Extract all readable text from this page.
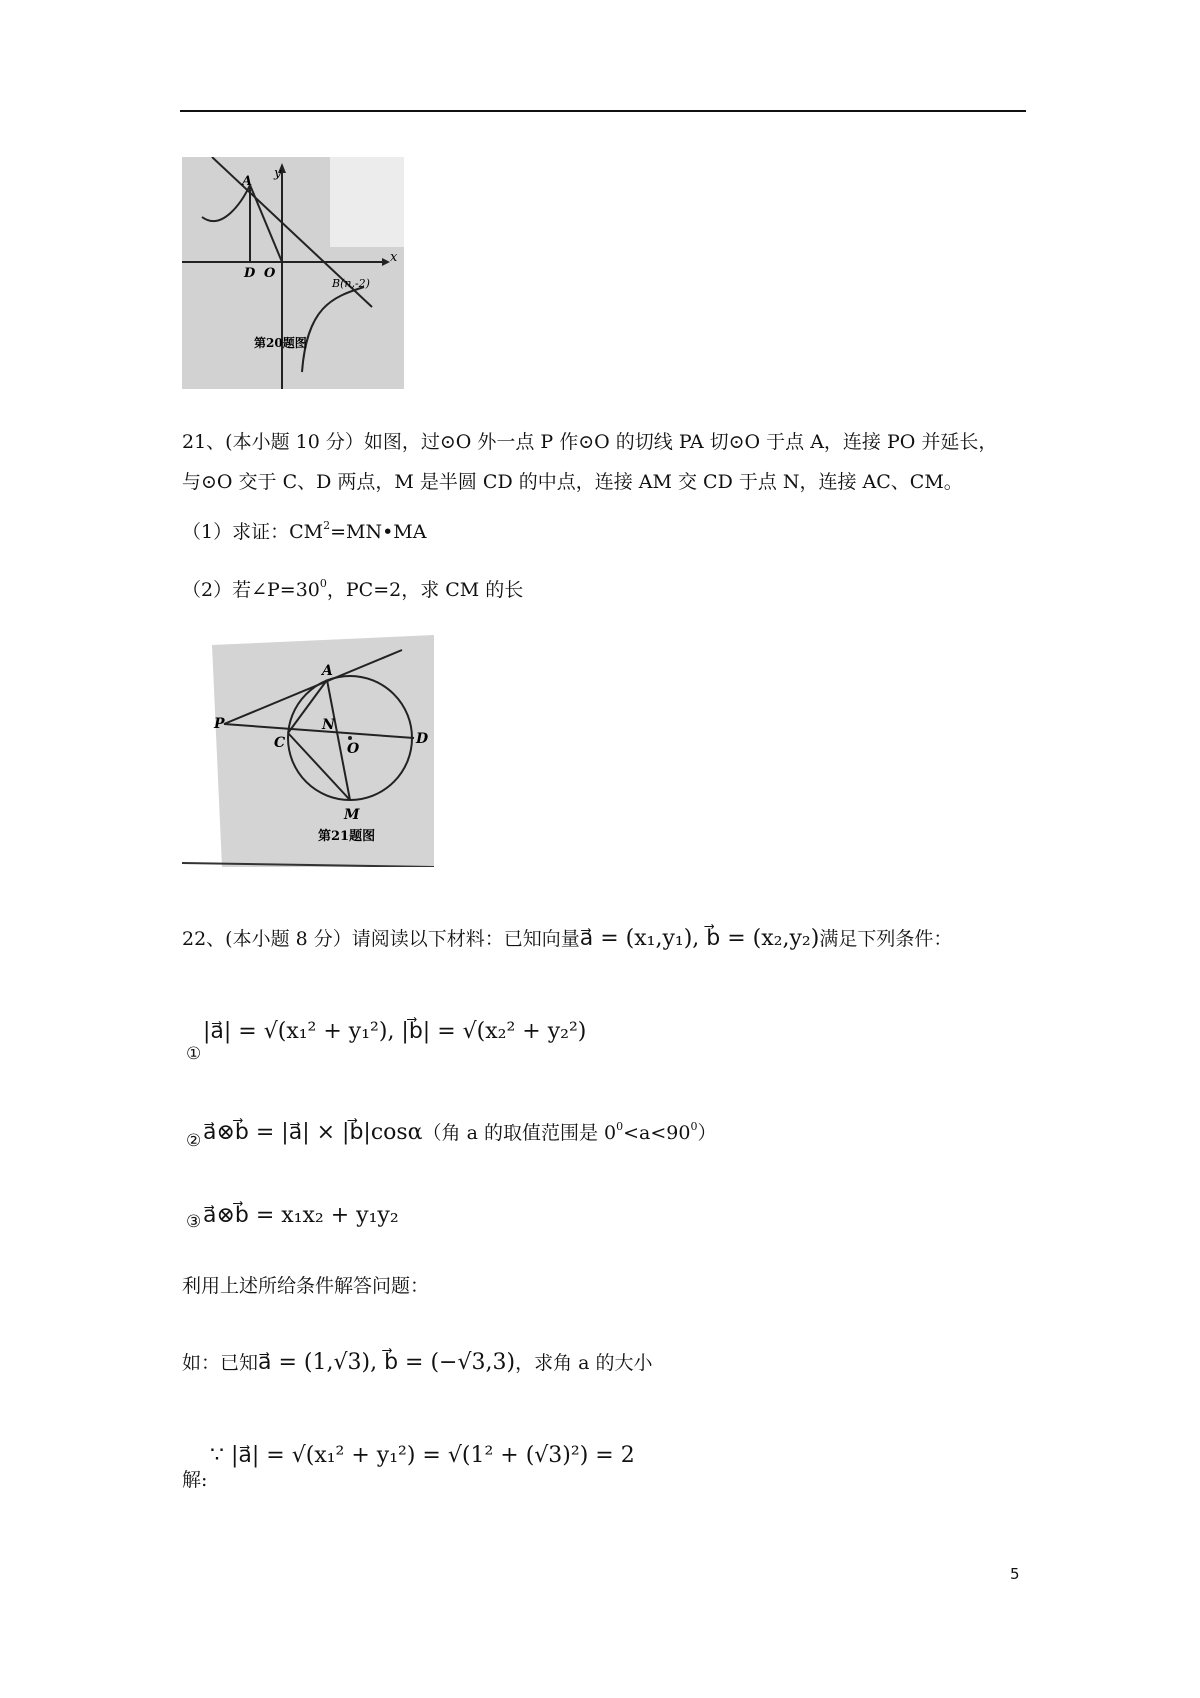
y
x
A
D O
B(n,-2)
第20题图
21、(本小题 10 分）如图，过⊙O 外一点 P 作⊙O 的切线 PA 切⊙O 于点 A，连接 PO 并延长，
与⊙O 交于 C、D 两点，M 是半圆 CD 的中点，连接 AM 交 CD 于点 N，连接 AC、CM。
（1）求证：$CM^2=MN•MA$
（2）若$\angle P=30^0$，PC=2，求 CM 的长
A
P	N
C	O
D
M
第21题图
22、(本小题 8 分）请阅读以下材料：已知向量a⃗ = (x₁,y₁), b⃗ = (x₂,y₂)满足下列条件：
|a⃗| = √(x₁² + y₁²), |b⃗| = √(x₂² + y₂²)
①
a⃗⊗b⃗ = |a⃗| × |b⃗|cosα（角 a 的取值范围是 $0^0<a<90^0$）
②
a⃗⊗b⃗ = x₁x₂ + y₁y₂
③
利用上述所给条件解答问题：
如：已知a⃗ = (1,√3), b⃗ = (−√3,3)，求角 a 的大小
∵ |a⃗| = √(x₁² + y₁²) = √(1² + (√3)²) = 2
解:
5
